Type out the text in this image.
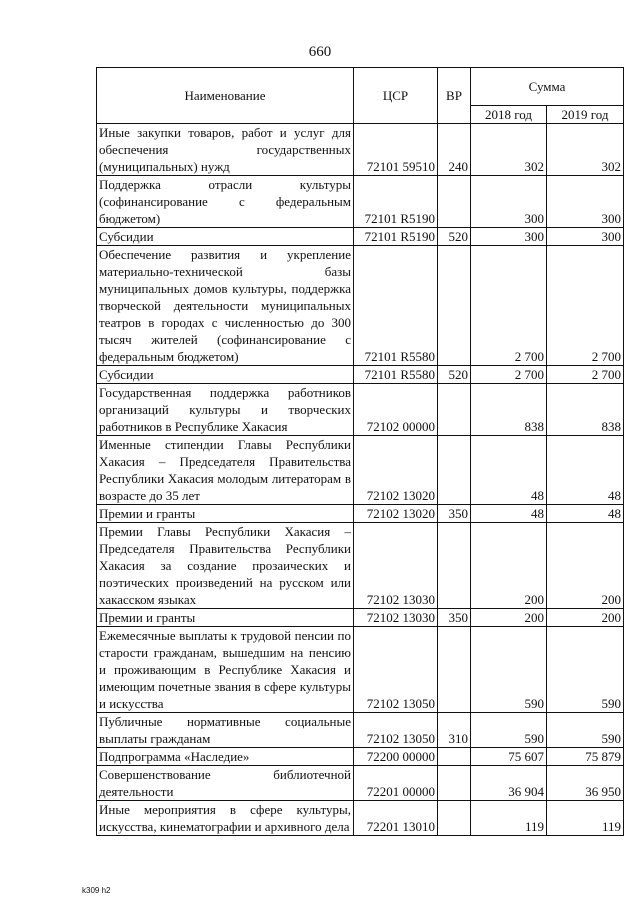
660
Наименование	ЦСР	ВР	Сумма	
			2018 год	2019 год
Иные закупки товаров, работ и услуг для обеспечения государственных (муниципальных) нужд	72101 59510	240	302	302
Поддержка отрасли культуры (софинансирование с федеральным бюджетом)	72101 R5190		300	300
Субсидии	72101 R5190	520	300	300
Обеспечение развития и укрепление материально-технической базы муниципальных домов культуры, поддержка творческой деятельности муниципальных театров в городах с численностью до 300 тысяч жителей (софинансирование с федеральным бюджетом)	72101 R5580		2 700	2 700
Субсидии	72101 R5580	520	2 700	2 700
Государственная поддержка работников организаций культуры и творческих работников в Республике Хакасия	72102 00000		838	838
Именные стипендии Главы Республики Хакасия – Председателя Правительства Республики Хакасия молодым литераторам в возрасте до 35 лет	72102 13020		48	48
Премии и гранты	72102 13020	350	48	48
Премии Главы Республики Хакасия – Председателя Правительства Республики Хакасия за создание прозаических и поэтических произведений на русском или хакасском языках	72102 13030		200	200
Премии и гранты	72102 13030	350	200	200
Ежемесячные выплаты к трудовой пенсии по старости гражданам, вышедшим на пенсию и проживающим в Республике Хакасия и имеющим почетные звания в сфере культуры и искусства	72102 13050		590	590
Публичные нормативные социальные выплаты гражданам	72102 13050	310	590	590
Подпрограмма «Наследие»	72200 00000		75 607	75 879
Совершенствование библиотечной деятельности	72201 00000		36 904	36 950
Иные мероприятия в сфере культуры, искусства, кинематографии и архивного дела	72201 13010		119	119
k309 h2
